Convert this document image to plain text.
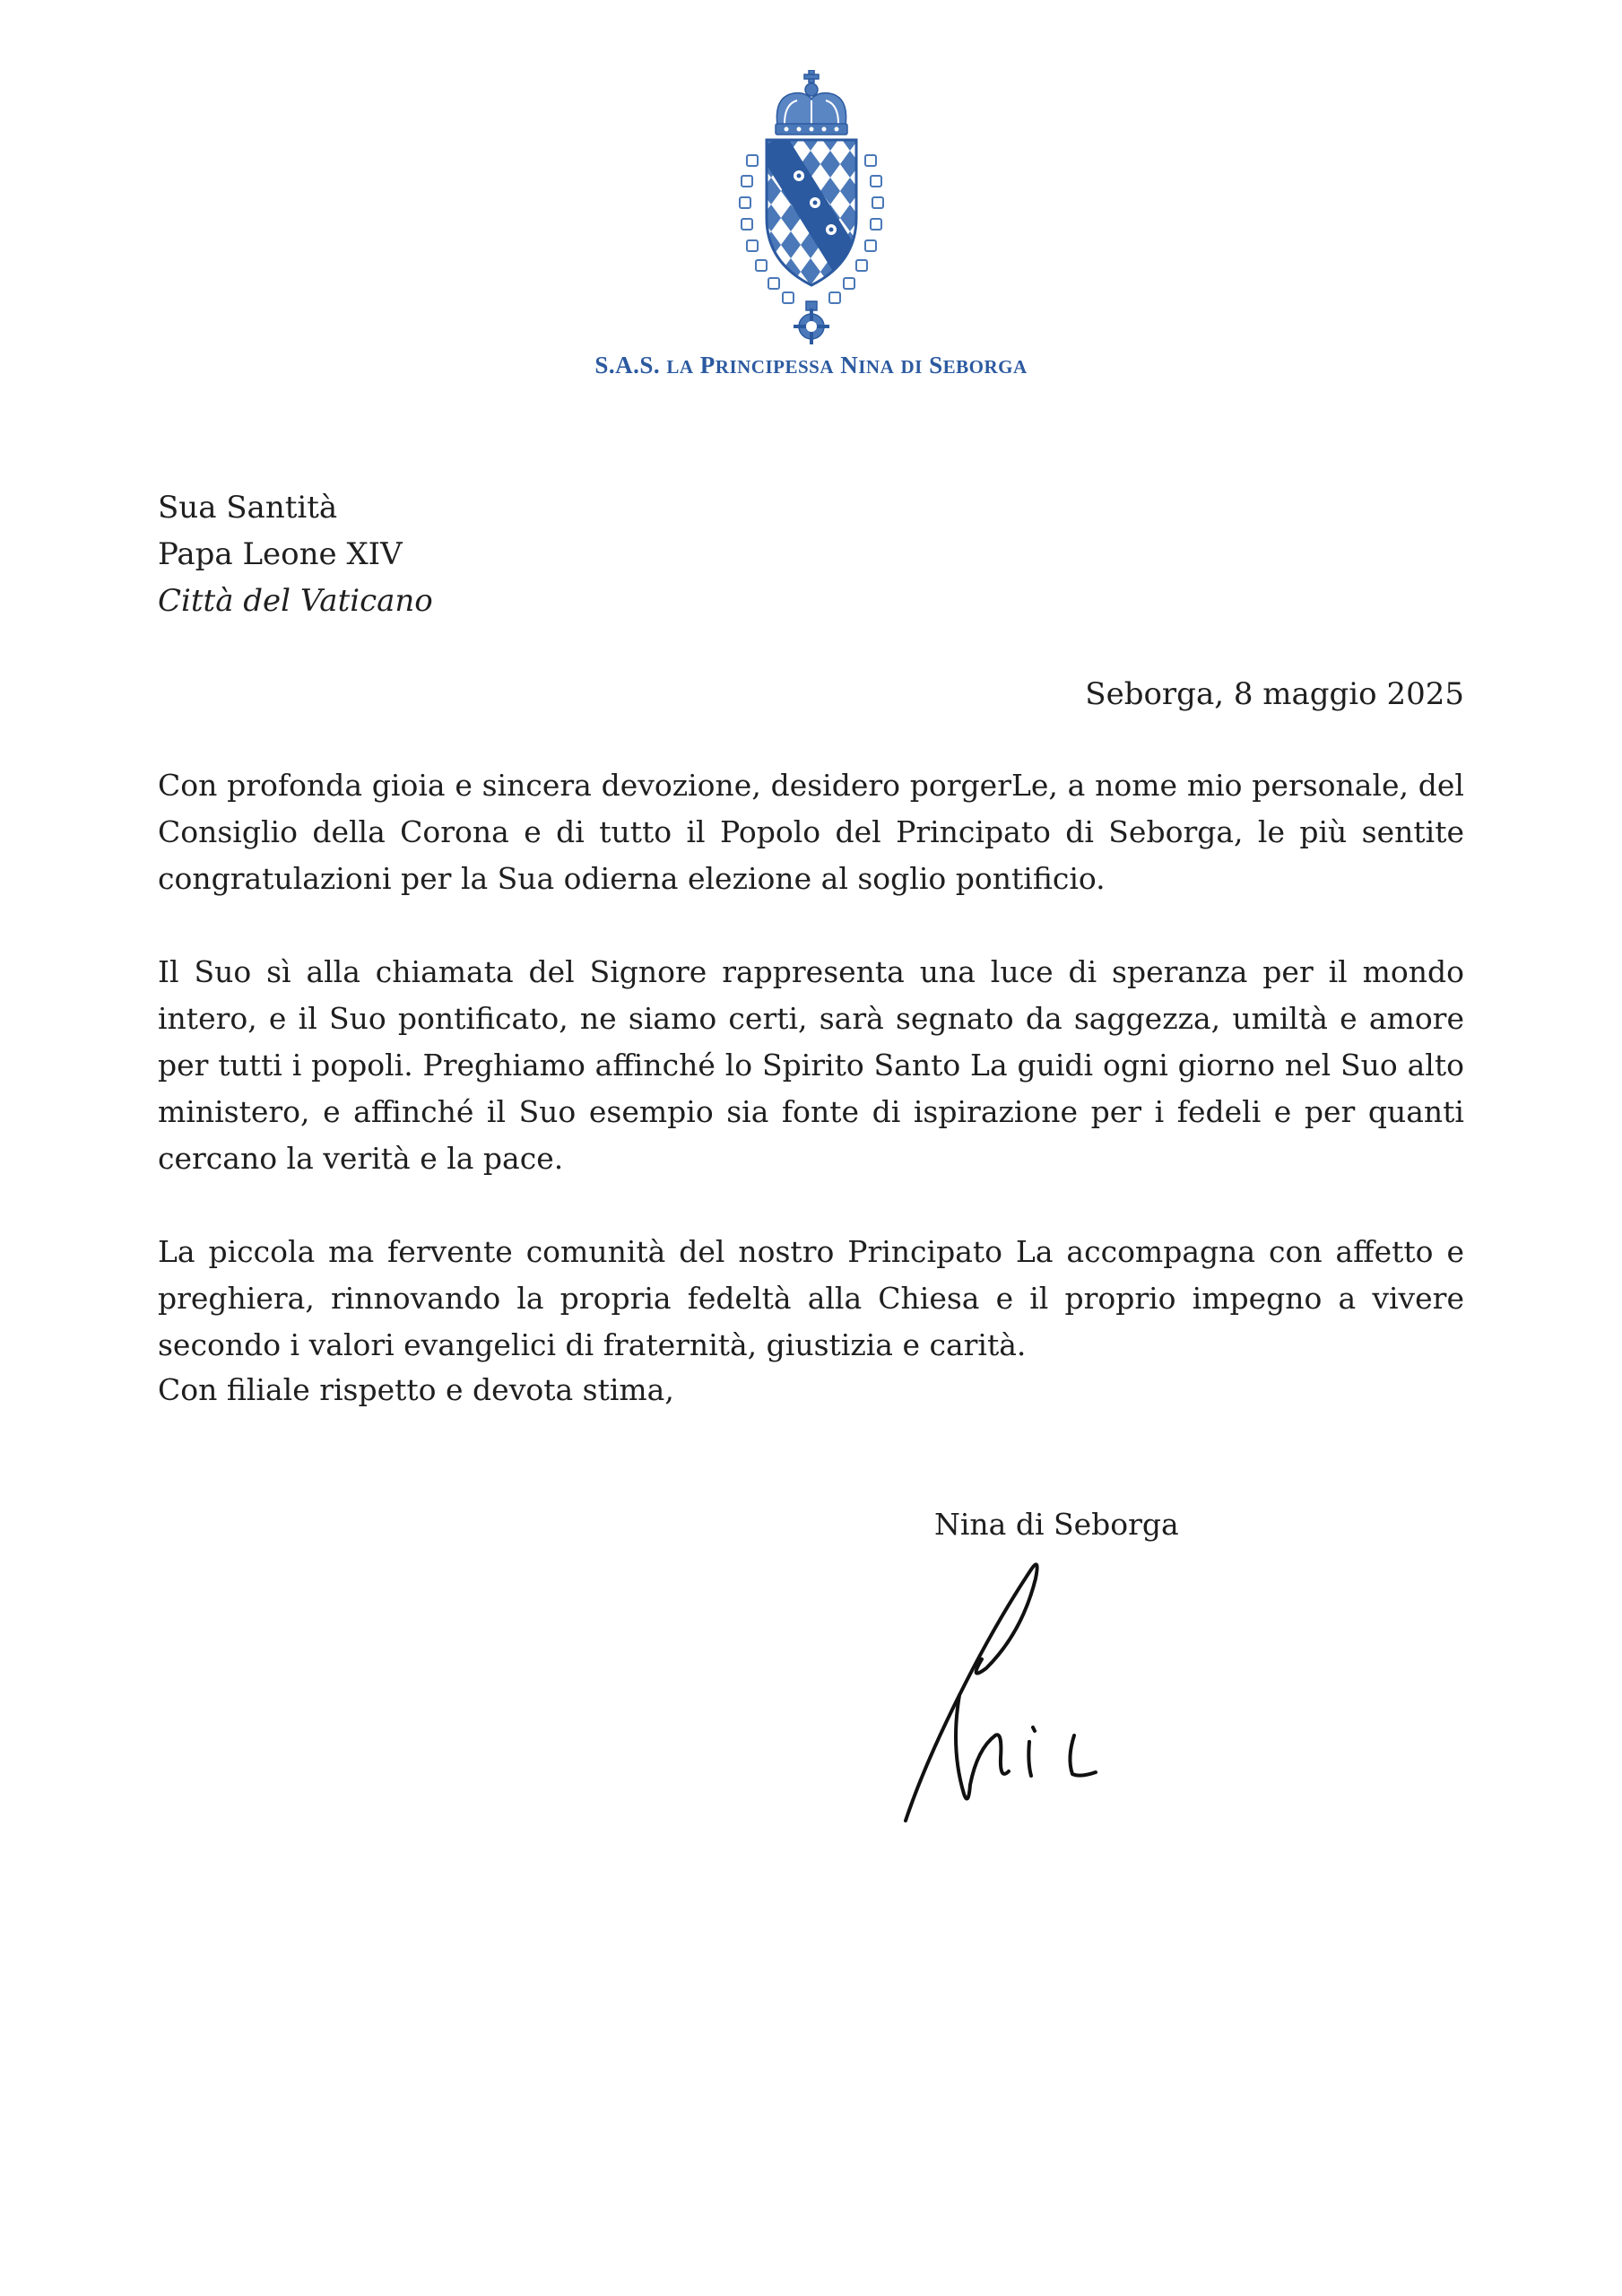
S.A.S. LA PRINCIPESSA NINA DI SEBORGA
Sua Santità
Papa Leone XIV
Città del Vaticano
Seborga, 8 maggio 2025

Con profonda gioia e sincera devozione, desidero porgerLe, a nome mio personale, del Consiglio della Corona e di tutto il Popolo del Principato di Seborga, le più sentite congratulazioni per la Sua odierna elezione al soglio pontificio.

Il Suo sì alla chiamata del Signore rappresenta una luce di speranza per il mondo intero, e il Suo pontificato, ne siamo certi, sarà segnato da saggezza, umiltà e amore per tutti i popoli. Preghiamo affinché lo Spirito Santo La guidi ogni giorno nel Suo alto ministero, e affinché il Suo esempio sia fonte di ispirazione per i fedeli e per quanti cercano la verità e la pace.

La piccola ma fervente comunità del nostro Principato La accompagna con affetto e preghiera, rinnovando la propria fedeltà alla Chiesa e il proprio impegno a vivere secondo i valori evangelici di fraternità, giustizia e carità.

Con filiale rispetto e devota stima,
Nina di Seborga
